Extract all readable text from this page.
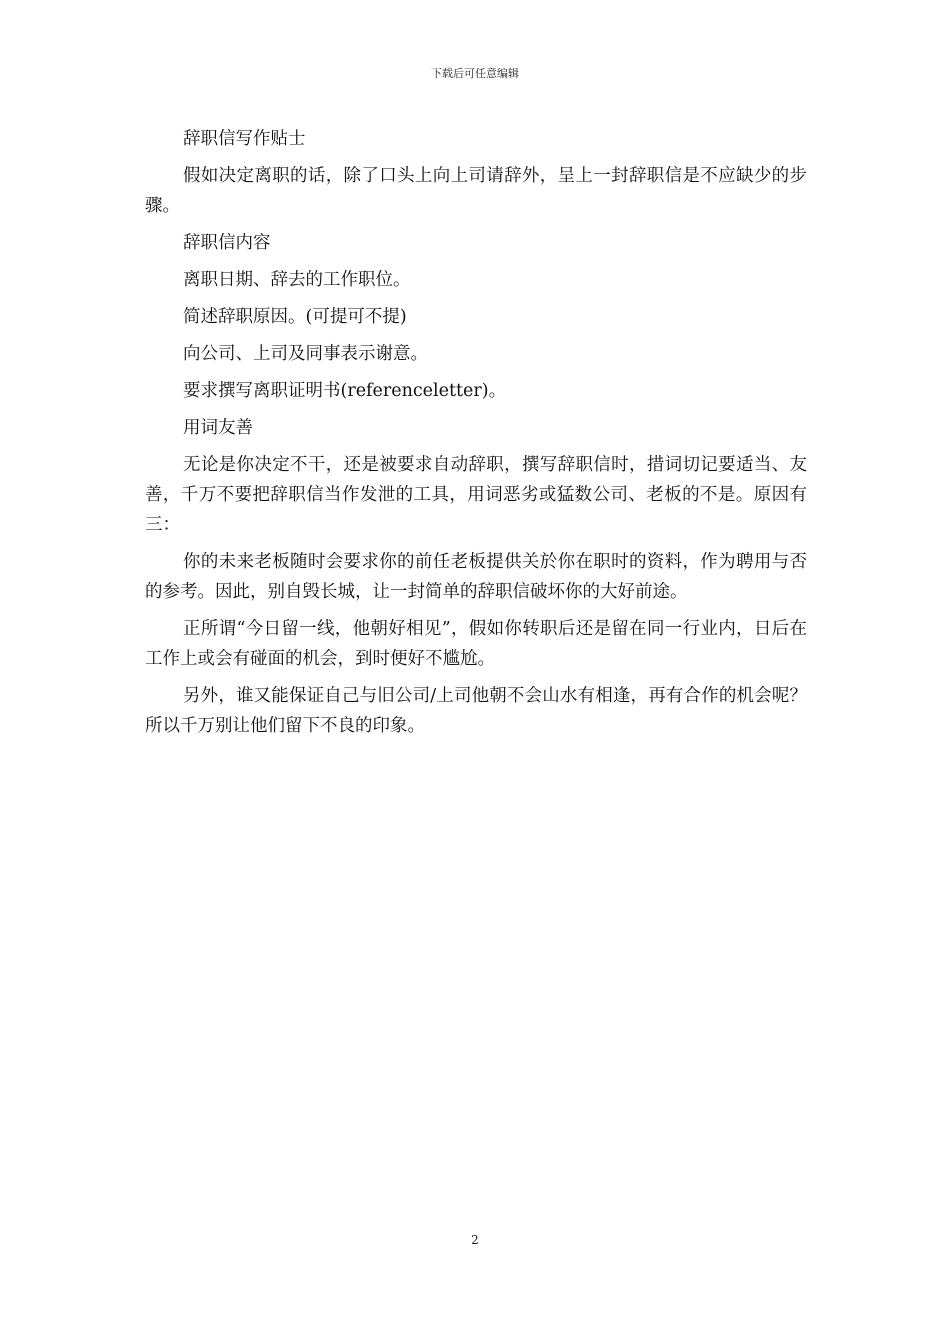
下载后可任意编辑

辞职信写作贴士

假如决定离职的话，除了口头上向上司请辞外，呈上一封辞职信是不应缺少的步骤。

辞职信内容

离职日期、辞去的工作职位。

简述辞职原因。(可提可不提)

向公司、上司及同事表示谢意。

要求撰写离职证明书(referenceletter)。

用词友善

无论是你决定不干，还是被要求自动辞职，撰写辞职信时，措词切记要适当、友善，千万不要把辞职信当作发泄的工具，用词恶劣或猛数公司、老板的不是。原因有三：

你的未来老板随时会要求你的前任老板提供关於你在职时的资料，作为聘用与否的参考。因此，别自毁长城，让一封简单的辞职信破坏你的大好前途。

正所谓“今日留一线，他朝好相见”，假如你转职后还是留在同一行业内，日后在工作上或会有碰面的机会，到时便好不尴尬。

另外，谁又能保证自己与旧公司/上司他朝不会山水有相逢，再有合作的机会呢？所以千万别让他们留下不良的印象。

2
